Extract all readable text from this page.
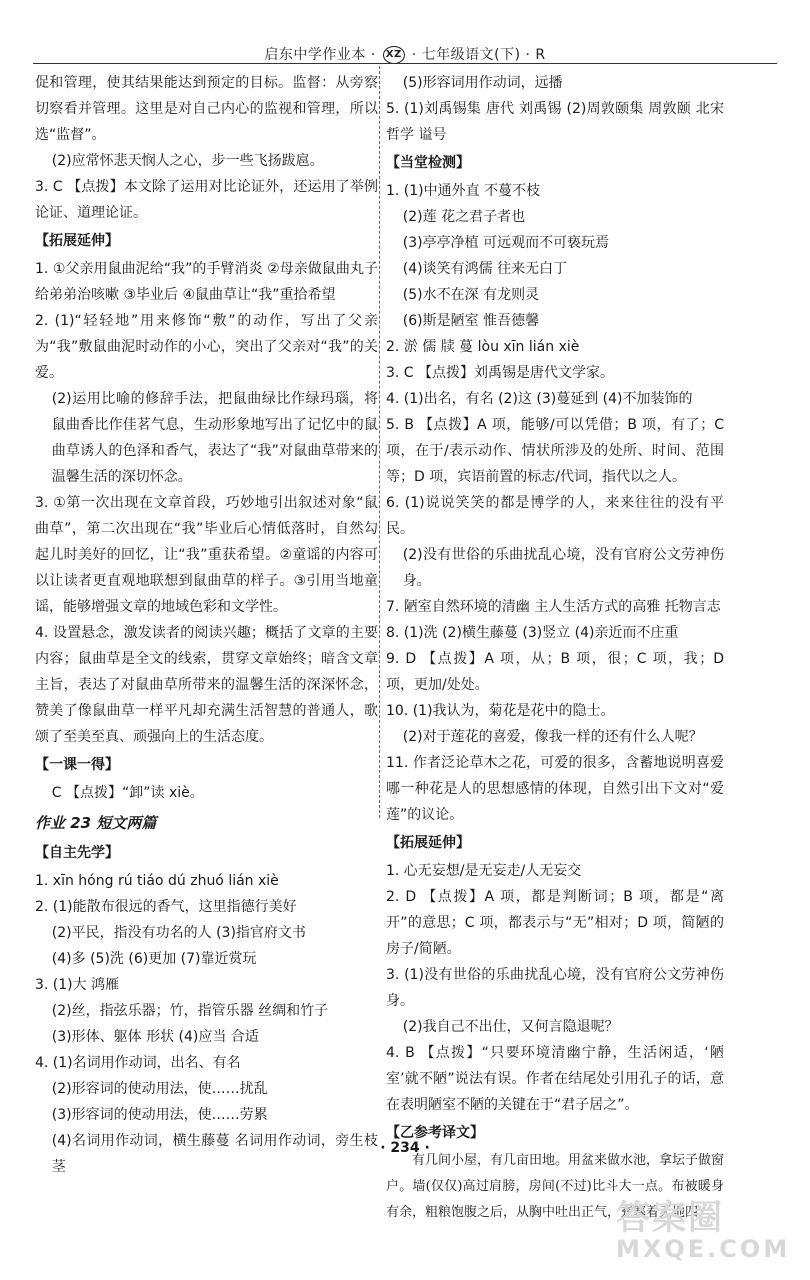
启东中学作业本 · XZ · 七年级语文(下) · R
促和管理，使其结果能达到预定的目标。监督：从旁察切察看并管理。这里是对自己内心的监视和管理，所以选“监督”。
(2)应常怀悲天悯人之心，步一些飞扬跋扈。
3. C 【点拨】本文除了运用对比论证外，还运用了举例论证、道理论证。
【拓展延伸】
1. ①父亲用鼠曲泥给“我”的手臂消炎 ②母亲做鼠曲丸子给弟弟治咳嗽 ③毕业后 ④鼠曲草让“我”重拾希望
2. (1)“轻轻地”用来修饰“敷”的动作，写出了父亲为“我”敷鼠曲泥时动作的小心，突出了父亲对“我”的关爱。
(2)运用比喻的修辞手法，把鼠曲绿比作绿玛瑙，将鼠曲香比作佳茗气息，生动形象地写出了记忆中的鼠曲草诱人的色泽和香气，表达了“我”对鼠曲草带来的温馨生活的深切怀念。
3. ①第一次出现在文章首段，巧妙地引出叙述对象“鼠曲草”，第二次出现在“我”毕业后心情低落时，自然勾起儿时美好的回忆，让“我”重获希望。②童谣的内容可以让读者更直观地联想到鼠曲草的样子。③引用当地童谣，能够增强文章的地域色彩和文学性。
4. 设置悬念，激发读者的阅读兴趣；概括了文章的主要内容；鼠曲草是全文的线索，贯穿文章始终；暗含文章主旨，表达了对鼠曲草所带来的温馨生活的深深怀念，赞美了像鼠曲草一样平凡却充满生活智慧的普通人，歌颂了至美至真、顽强向上的生活态度。
【一课一得】
C 【点拨】“卸”读 xiè。
作业 23 短文两篇
【自主先学】
1. xīn hóng rú tiáo dú zhuó lián xiè
2. (1)能散布很远的香气，这里指德行美好
(2)平民，指没有功名的人 (3)指官府文书
(4)多 (5)洗 (6)更加 (7)靠近赏玩
3. (1)大 鸿雁
(2)丝，指弦乐器；竹，指管乐器 丝绸和竹子
(3)形体、躯体 形状 (4)应当 合适
4. (1)名词用作动词，出名、有名
(2)形容词的使动用法，使……扰乱
(3)形容词的使动用法，使……劳累
(4)名词用作动词，横生藤蔓 名词用作动词，旁生枝茎
(5)形容词用作动词，远播
5. (1)刘禹锡集 唐代 刘禹锡 (2)周敦颐集 周敦颐 北宋 哲学 谥号
【当堂检测】
1. (1)中通外直 不蔓不枝
(2)莲 花之君子者也
(3)亭亭净植 可远观而不可亵玩焉
(4)谈笑有鸿儒 往来无白丁
(5)水不在深 有龙则灵
(6)斯是陋室 惟吾德馨
2. 淤 儒 牍 蔓 lòu xīn lián xiè
3. C 【点拨】刘禹锡是唐代文学家。
4. (1)出名，有名 (2)这 (3)蔓延到 (4)不加装饰的
5. B 【点拨】A 项，能够/可以凭借；B 项，有了；C 项，在于/表示动作、情状所涉及的处所、时间、范围等；D 项，宾语前置的标志/代词，指代以之人。
6. (1)说说笑笑的都是博学的人，来来往往的没有平民。
(2)没有世俗的乐曲扰乱心境，没有官府公文劳神伤身。
7. 陋室自然环境的清幽 主人生活方式的高雅 托物言志
8. (1)洗 (2)横生藤蔓 (3)竖立 (4)亲近而不庄重
9. D 【点拨】A 项，从；B 项，很；C 项，我；D 项，更加/处处。
10. (1)我认为，菊花是花中的隐士。
(2)对于莲花的喜爱，像我一样的还有什么人呢？
11. 作者泛论草木之花，可爱的很多，含蓄地说明喜爱哪一种花是人的思想感情的体现，自然引出下文对“爱莲”的议论。
【拓展延伸】
1. 心无妄想/是无妄走/人无妄交
2. D 【点拨】A 项，都是判断词；B 项，都是“离开”的意思；C 项，都表示与“无”相对；D 项，简陋的房子/简陋。
3. (1)没有世俗的乐曲扰乱心境，没有官府公文劳神伤身。
(2)我自己不出仕，又何言隐退呢？
4. B 【点拨】“只要环境清幽宁静，生活闲适，‘陋室’就不陋”说法有误。作者在结尾处引用孔子的话，意在表明陋室不陋的关键在于“君子居之”。
【乙参考译文】
有几间小屋，有几亩田地。用盆来做水池，拿坛子做窗户。墙(仅仅)高过肩膀，房间(不过)比斗大一点。布被暖身有余，粗粮饱腹之后，从胸中吐出正气，充塞着天地四
· 234 ·
答案圈
MXQE.COM
